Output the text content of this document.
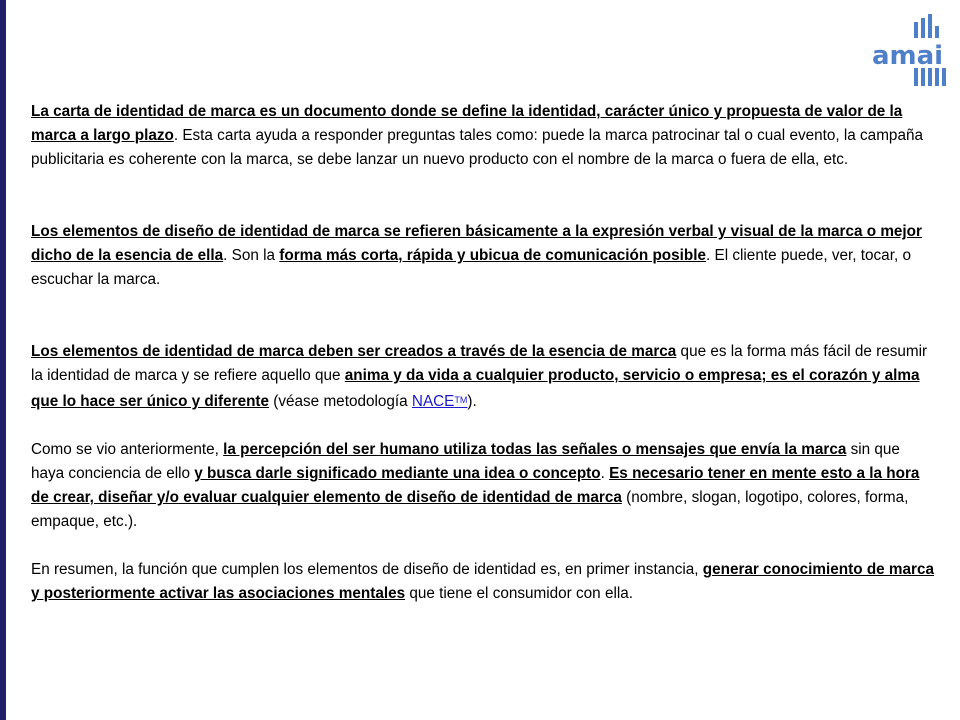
amai

La carta de identidad de marca es un documento donde se define la identidad, carácter único y propuesta de valor de la marca a largo plazo. Esta carta ayuda a responder preguntas tales como: puede la marca patrocinar tal o cual evento, la campaña publicitaria es coherente con la marca, se debe lanzar un nuevo producto con el nombre de la marca o fuera de ella, etc.

Los elementos de diseño de identidad de marca se refieren básicamente a la expresión verbal y visual de la marca o mejor dicho de la esencia de ella. Son la forma más corta, rápida y ubicua de comunicación posible. El cliente puede, ver, tocar, o escuchar la marca.

Los elementos de identidad de marca deben ser creados a través de la esencia de marca que es la forma más fácil de resumir la identidad de marca y se refiere aquello que anima y da vida a cualquier producto, servicio o empresa; es el corazón y alma que lo hace ser único y diferente (véase metodología NACETM).

Como se vio anteriormente, la percepción del ser humano utiliza todas las señales o mensajes que envía la marca sin que haya conciencia de ello y busca darle significado mediante una idea o concepto. Es necesario tener en mente esto a la hora de crear, diseñar y/o evaluar cualquier elemento de diseño de identidad de marca (nombre, slogan, logotipo, colores, forma, empaque, etc.).

En resumen, la función que cumplen los elementos de diseño de identidad es, en primer instancia, generar conocimiento de marca y posteriormente activar las asociaciones mentales que tiene el consumidor con ella.
